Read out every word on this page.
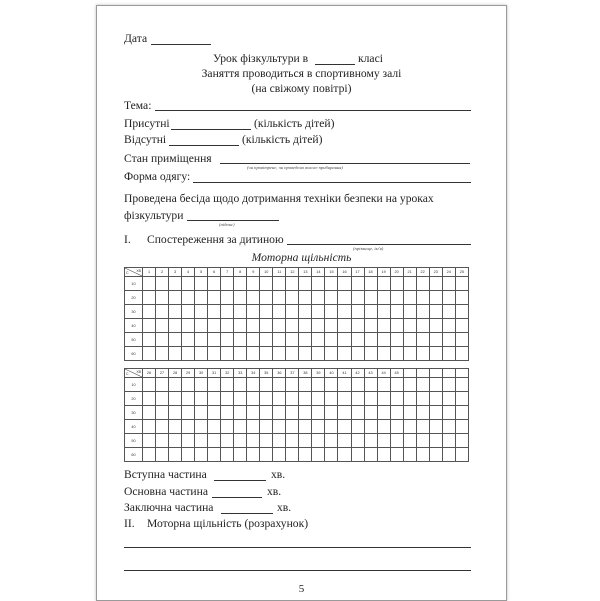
Дата
Урок фізкультури в	класі
Заняття проводиться в спортивному залі
(на свіжому повітрі)
Тема:
Присутні	(кількість дітей)
Відсутні	(кількість дітей)
Стан приміщення
(чи провітрене, чи проведено вологе прибирання)
Форма одягу:
Проведена бесіда щодо дотримання техніки безпеки на уроках
фізкультури
(підпис)
I. Спостереження за дитиною
(прізвище, ім'я)
Моторна щільність
ХВ
С	1	2	3	4	5	6	7	8	9	10	11	12	13	14	15	16	17	18	19	20	21	22	23	24	25
10																									
20																									
30																									
40																									
50																									
60																									
ХВ
С	26	27	28	29	30	31	32	33	34	35	36	37	38	39	40	41	42	43	44	45					
10																									
20																									
30																									
40																									
50																									
60																									
Вступна частина	хв.
Основна частина	хв.
Заключна частина	хв.
II. Моторна щільність (розрахунок)
5
